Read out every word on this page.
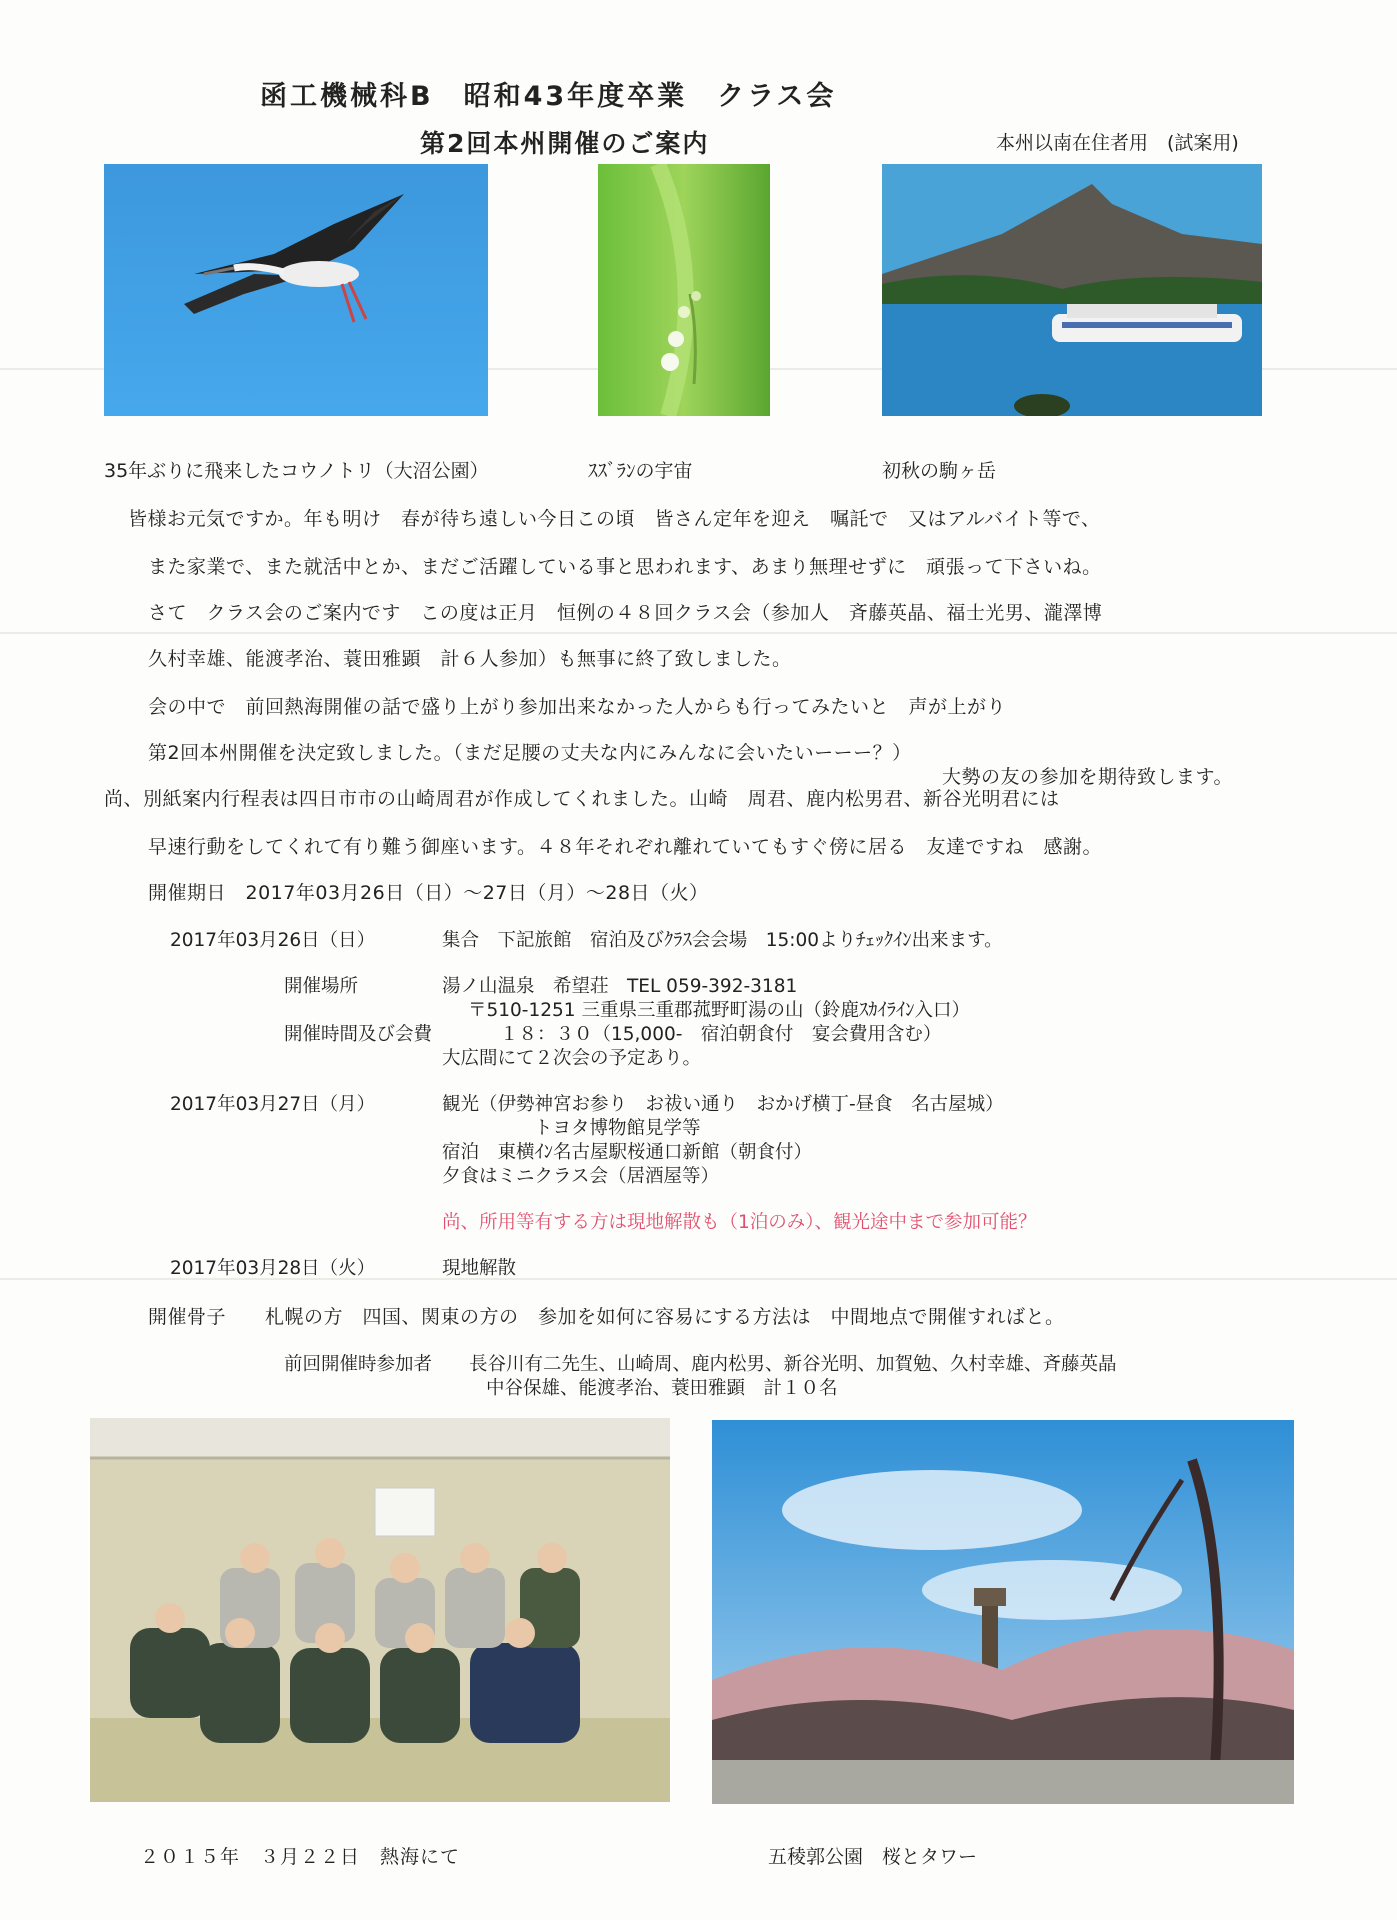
函工機械科B　昭和43年度卒業　クラス会
第2回本州開催のご案内	本州以南在住者用　(試案用)
35年ぶりに飛来したコウノトリ（大沼公園）	ｽｽﾞﾗﾝの宇宙	初秋の駒ヶ岳
皆様お元気ですか。年も明け　春が待ち遠しい今日この頃　皆さん定年を迎え　嘱託で　又はアルバイト等で、
また家業で、また就活中とか、まだご活躍している事と思われます、あまり無理せずに　頑張って下さいね。
さて　クラス会のご案内です　この度は正月　恒例の４８回クラス会（参加人　斉藤英晶、福士光男、瀧澤博
久村幸雄、能渡孝治、蓑田雅顕　計６人参加）も無事に終了致しました。
会の中で　前回熱海開催の話で盛り上がり参加出来なかった人からも行ってみたいと　声が上がり
第2回本州開催を決定致しました。（まだ足腰の丈夫な内にみんなに会いたいーーー？）
大勢の友の参加を期待致します。
尚、別紙案内行程表は四日市市の山崎周君が作成してくれました。山崎　周君、鹿内松男君、新谷光明君には
早速行動をしてくれて有り難う御座います。４８年それぞれ離れていてもすぐ傍に居る　友達ですね　感謝。
開催期日　2017年03月26日（日）～27日（月）～28日（火）
2017年03月26日（日）	集合　下記旅館　宿泊及びｸﾗｽ会会場　15:00よりﾁｪｯｸｲﾝ出来ます。
開催場所	湯ノ山温泉　希望荘　TEL 059-392-3181
〒510-1251 三重県三重郡菰野町湯の山（鈴鹿ｽｶｲﾗｲﾝ入口）
開催時間及び会費	１８：３０（15,000-　宿泊朝食付　宴会費用含む）
大広間にて２次会の予定あり。
2017年03月27日（月）	観光（伊勢神宮お参り　お祓い通り　おかげ横丁-昼食　名古屋城）
トヨタ博物館見学等
宿泊　東横ｲﾝ名古屋駅桜通口新館（朝食付）
夕食はミニクラス会（居酒屋等）
尚、所用等有する方は現地解散も（1泊のみ）、観光途中まで参加可能？
2017年03月28日（火）	現地解散
開催骨子　　札幌の方　四国、関東の方の　参加を如何に容易にする方法は　中間地点で開催すればと。
前回開催時参加者　　長谷川有二先生、山崎周、鹿内松男、新谷光明、加賀勉、久村幸雄、斉藤英晶
中谷保雄、能渡孝治、蓑田雅顕　計１０名
２０１５年　３月２２日　熱海にて	五稜郭公園　桜とタワー
